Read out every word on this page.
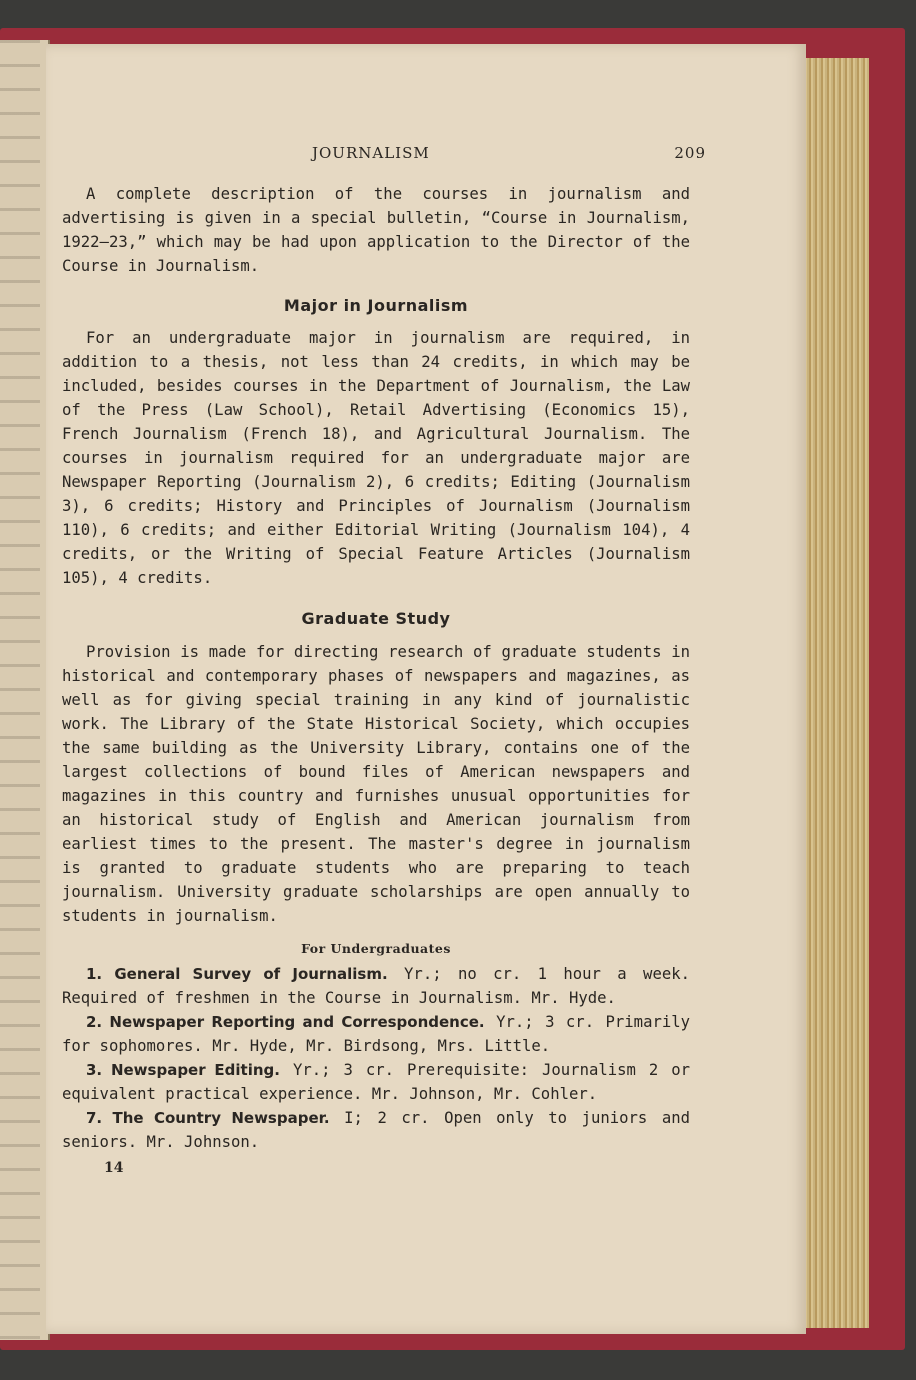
JOURNALISM	209

A complete description of the courses in journalism and advertising is given in a special bulletin, “Course in Journalism, 1922–23,” which may be had upon application to the Director of the Course in Journalism.

Major in Journalism

For an undergraduate major in journalism are required, in addition to a thesis, not less than 24 credits, in which may be included, besides courses in the Department of Journalism, the Law of the Press (Law School), Retail Advertising (Economics 15), French Journalism (French 18), and Agricultural Journalism. The courses in journalism required for an undergraduate major are Newspaper Reporting (Journalism 2), 6 credits; Editing (Journalism 3), 6 credits; History and Principles of Journalism (Journalism 110), 6 credits; and either Editorial Writing (Journalism 104), 4 credits, or the Writing of Special Feature Articles (Journalism 105), 4 credits.

Graduate Study

Provision is made for directing research of graduate students in historical and contemporary phases of newspapers and magazines, as well as for giving special training in any kind of journalistic work. The Library of the State Historical Society, which occupies the same building as the University Library, contains one of the largest collections of bound files of American newspapers and magazines in this country and furnishes unusual opportunities for an historical study of English and American journalism from earliest times to the present. The master's degree in journalism is granted to graduate students who are preparing to teach journalism. University graduate scholarships are open annually to students in journalism.

For Undergraduates

1. General Survey of Journalism. Yr.; no cr. 1 hour a week. Required of freshmen in the Course in Journalism. Mr. Hyde.

2. Newspaper Reporting and Correspondence. Yr.; 3 cr. Primarily for sophomores. Mr. Hyde, Mr. Birdsong, Mrs. Little.

3. Newspaper Editing. Yr.; 3 cr. Prerequisite: Journalism 2 or equivalent practical experience. Mr. Johnson, Mr. Cohler.

7. The Country Newspaper. I; 2 cr. Open only to juniors and seniors. Mr. Johnson.

14
